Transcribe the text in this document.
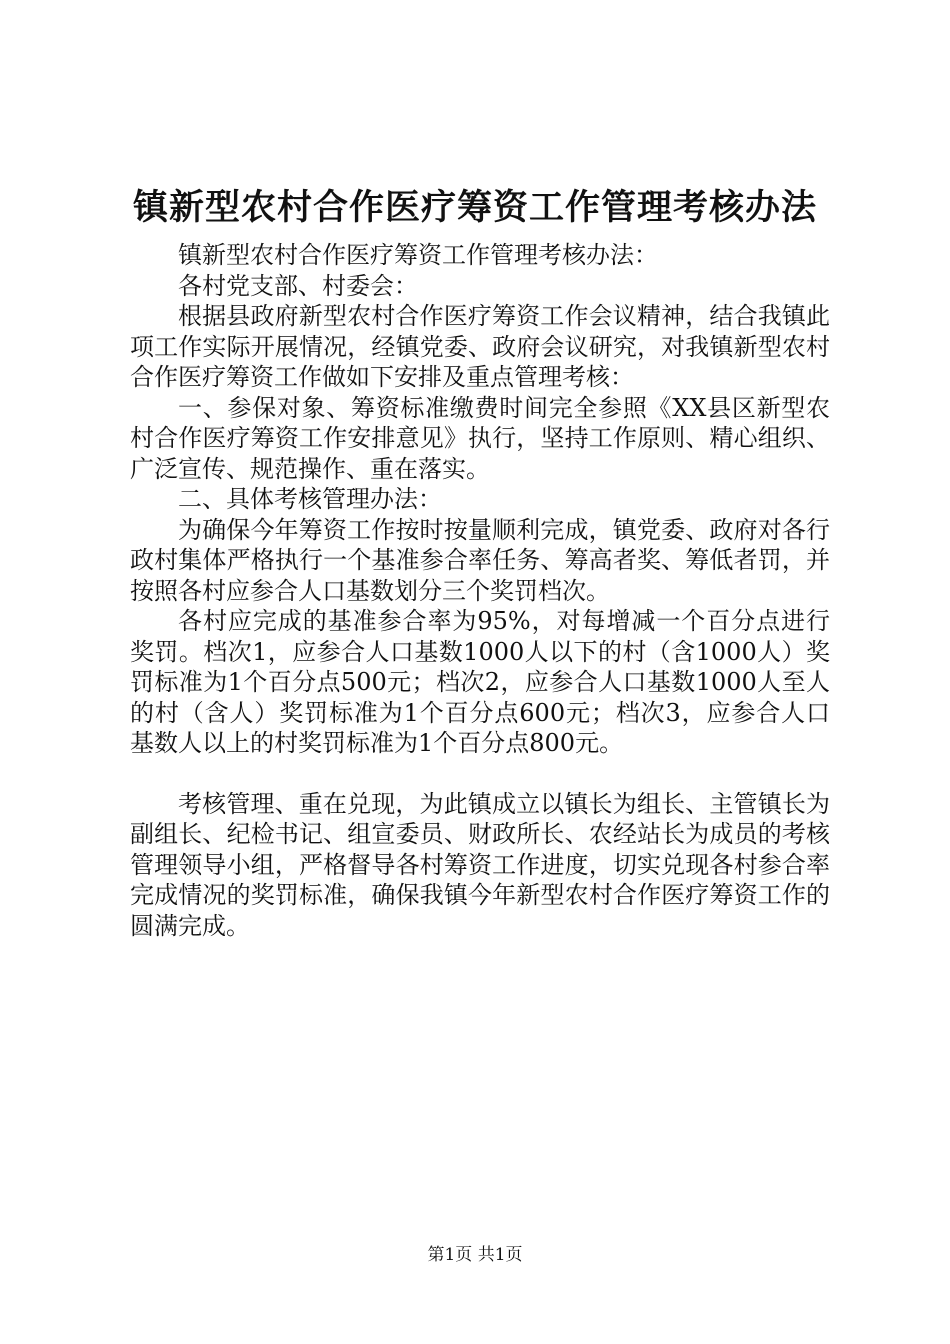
镇新型农村合作医疗筹资工作管理考核办法

镇新型农村合作医疗筹资工作管理考核办法：

各村党支部、村委会：

根据县政府新型农村合作医疗筹资工作会议精神，结合我镇此项工作实际开展情况，经镇党委、政府会议研究，对我镇新型农村合作医疗筹资工作做如下安排及重点管理考核：

一、参保对象、筹资标准缴费时间完全参照《XX县区新型农村合作医疗筹资工作安排意见》执行，坚持工作原则、精心组织、广泛宣传、规范操作、重在落实。

二、具体考核管理办法：

为确保今年筹资工作按时按量顺利完成，镇党委、政府对各行政村集体严格执行一个基准参合率任务、筹高者奖、筹低者罚，并按照各村应参合人口基数划分三个奖罚档次。

各村应完成的基准参合率为95%，对每增减一个百分点进行奖罚。档次1，应参合人口基数1000人以下的村（含1000人）奖罚标准为1个百分点500元；档次2，应参合人口基数1000人至人的村（含人）奖罚标准为1个百分点600元；档次3，应参合人口基数人以上的村奖罚标准为1个百分点800元。

考核管理、重在兑现，为此镇成立以镇长为组长、主管镇长为副组长、纪检书记、组宣委员、财政所长、农经站长为成员的考核管理领导小组，严格督导各村筹资工作进度，切实兑现各村参合率完成情况的奖罚标准，确保我镇今年新型农村合作医疗筹资工作的圆满完成。

第1页 共1页
